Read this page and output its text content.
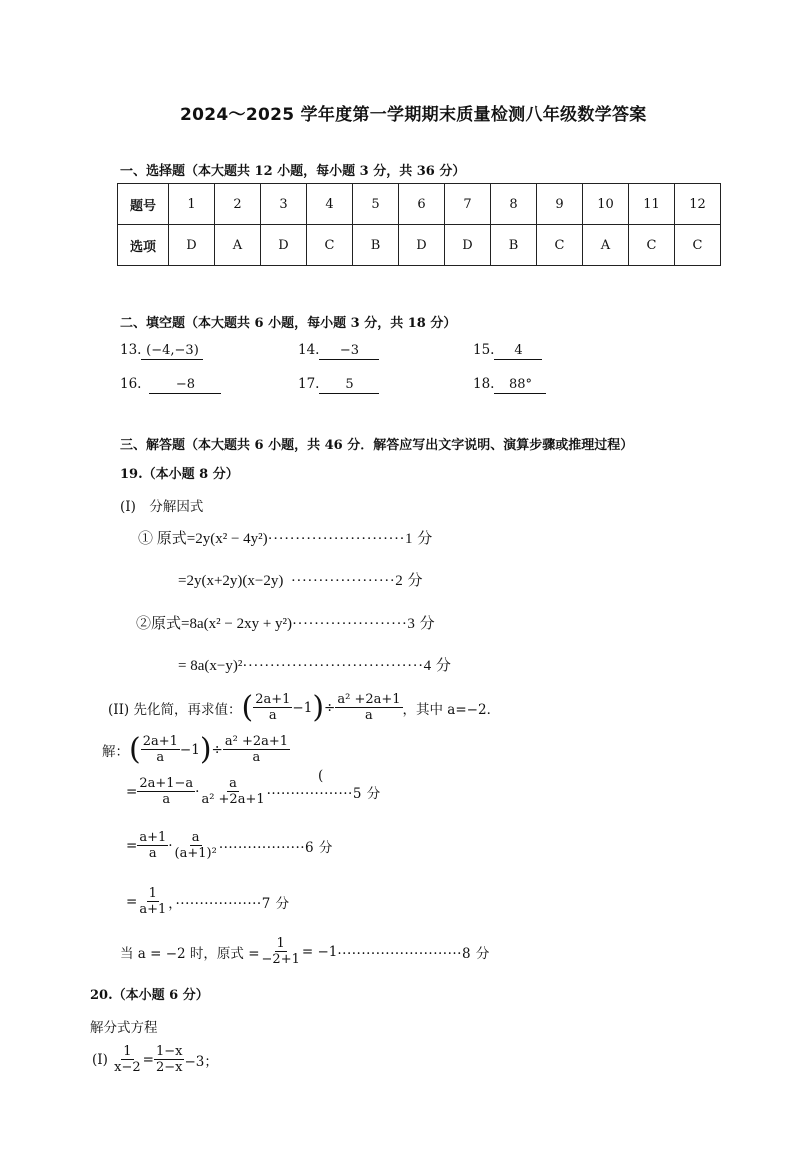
2024～2025 学年度第一学期期末质量检测八年级数学答案
一、选择题（本大题共 12 小题，每小题 3 分，共 36 分）
题号	1	2	3	4	5	6	7	8	9	10	11	12
选项	D	A	D	C	B	D	D	B	C	A	C	C
二、填空题（本大题共 6 小题，每小题 3 分，共 18 分）
13. (−4,−3)	14. −3	15. 4
16.	−8	17. 5	18. 88°
三、解答题（本大题共 6 小题，共 46 分．解答应写出文字说明、演算步骤或推理过程）
19.（本小题 8 分）
(I)　分解因式
① 原式=2y(x² − 4y²)·························1 分
=2y(x+2y)(x−2y) ···················2 分
②原式=8a(x² − 2xy + y²)·····················3 分
= 8a(x−y)²·································4 分
(II) 先化简，再求值： ( $\frac{2a+1}{a} -1$ ) ÷ $\frac{\text{a² +2a+1}}{a}$ ，其中 a=−2．
解： ( $\frac{2a+1}{a} -1$ ) ÷ $\frac{\text{a² +2a+1}}{a}$
(
= $\frac{2a+1-a}{a} \cdot \frac{a}{\text{a² +2a+1}} \cdot\cdot\cdot\cdot\cdot\cdot\cdot\cdot\cdot\cdot\cdot\cdot\cdot\cdot\cdot\cdot\cdot\cdot 5$ 分
= $\frac{a+1}{a} \cdot \frac{a}{\text{(a+1)²}} \cdot\cdot\cdot\cdot\cdot\cdot\cdot\cdot\cdot\cdot\cdot\cdot\cdot\cdot\cdot\cdot\cdot\cdot 6$ 分
= $\frac{1}{a+1}$ ，··················7 分
当 a = −2 时，原式 = $\frac{1}{-2+1} = -1 \cdot\cdot\cdot\cdot\cdot\cdot\cdot\cdot\cdot\cdot\cdot\cdot\cdot\cdot\cdot\cdot\cdot\cdot\cdot\cdot\cdot\cdot\cdot\cdot\cdot\cdot 8$ 分
20.（本小题 6 分）
解分式方程
(I)
$\frac{1}{x-2} = \frac{1-x}{2-x} -3$；
